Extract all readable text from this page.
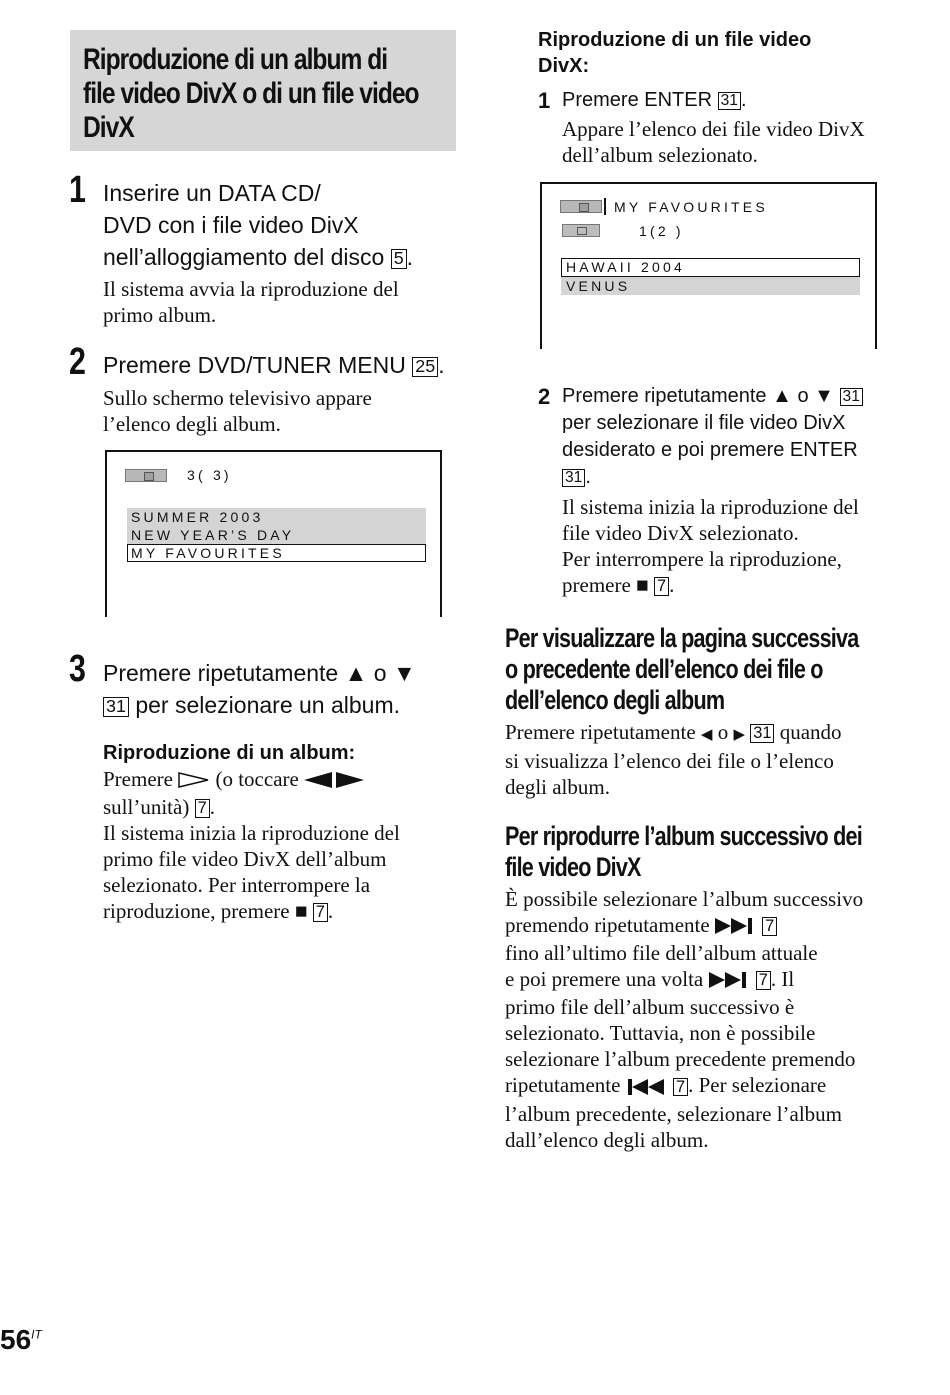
Riproduzione di un album di
file video DivX o di un file video
DivX
1 Inserire un DATA CD/
DVD con i file video DivX
nell’alloggiamento del disco 5 .
Il sistema avvia la riproduzione del
primo album.
2 Premere DVD/TUNER MENU 25 .
Sullo schermo televisivo appare
l’elenco degli album.
3( 3)
SUMMER 2003
NEW YEAR’S DAY
MY FAVOURITES
3 Premere ripetutamente ▲ o ▼
31 per selezionare un album.
Riproduzione di un album:
Premere (o toccare
sull’unità) 7 .
Il sistema inizia la riproduzione del
primo file video DivX dell’album
selezionato. Per interrompere la
riproduzione, premere ■ 7 .
Riproduzione di un file video
DivX:
1 Premere ENTER 31 .
Appare l’elenco dei file video DivX
dell’album selezionato.
MY FAVOURITES
1(2 )
HAWAII 2004
VENUS
2 Premere ripetutamente ▲ o ▼ 31
per selezionare il file video DivX
desiderato e poi premere ENTER
31 .
Il sistema inizia la riproduzione del
file video DivX selezionato.
Per interrompere la riproduzione,
premere ■ 7 .
Per visualizzare la pagina successiva
o precedente dell’elenco dei file o
dell’elenco degli album
Premere ripetutamente ◀ o ▶ 31 quando
si visualizza l’elenco dei file o l’elenco
degli album.
Per riprodurre l’album successivo dei
file video DivX
È possibile selezionare l’album successivo
premendo ripetutamente	7
fino all’ultimo file dell’album attuale
e poi premere una volta	7 . Il
primo file dell’album successivo è
selezionato. Tuttavia, non è possibile
selezionare l’album precedente premendo
ripetutamente	7 . Per selezionare
l’album precedente, selezionare l’album
dall’elenco degli album.
$56^{IT}$
